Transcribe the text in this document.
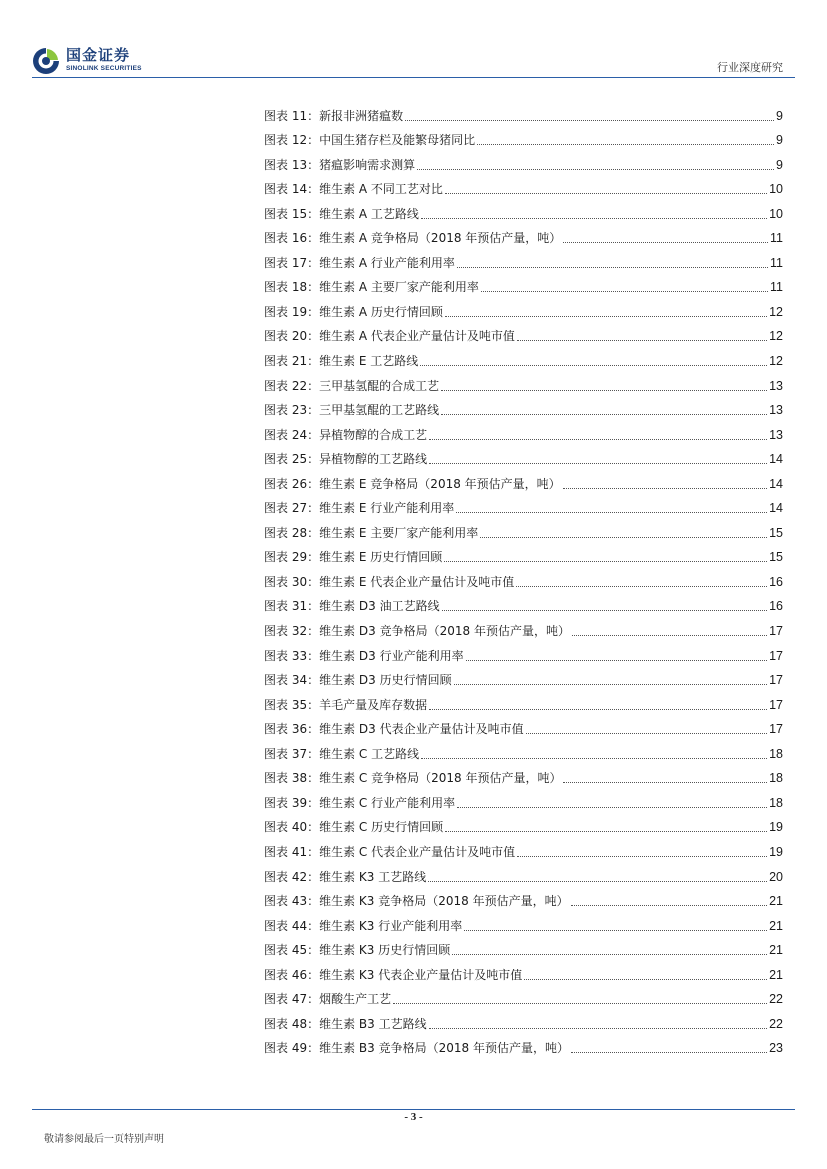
国金证券
SINOLINK SECURITIES	行业深度研究
图表 11： 新报非洲猪瘟数	9
图表 12： 中国生猪存栏及能繁母猪同比	9
图表 13： 猪瘟影响需求测算	9
图表 14： 维生素 A 不同工艺对比	10
图表 15： 维生素 A 工艺路线	10
图表 16： 维生素 A 竞争格局（2018 年预估产量，吨）	11
图表 17： 维生素 A 行业产能利用率	11
图表 18： 维生素 A 主要厂家产能利用率	11
图表 19： 维生素 A 历史行情回顾	12
图表 20： 维生素 A 代表企业产量估计及吨市值	12
图表 21： 维生素 E 工艺路线	12
图表 22： 三甲基氢醌的合成工艺	13
图表 23： 三甲基氢醌的工艺路线	13
图表 24： 异植物醇的合成工艺	13
图表 25： 异植物醇的工艺路线	14
图表 26： 维生素 E 竞争格局（2018 年预估产量，吨）	14
图表 27： 维生素 E 行业产能利用率	14
图表 28： 维生素 E 主要厂家产能利用率	15
图表 29： 维生素 E 历史行情回顾	15
图表 30： 维生素 E 代表企业产量估计及吨市值	16
图表 31： 维生素 D3 油工艺路线	16
图表 32： 维生素 D3 竞争格局（2018 年预估产量，吨）	17
图表 33： 维生素 D3 行业产能利用率	17
图表 34： 维生素 D3 历史行情回顾	17
图表 35： 羊毛产量及库存数据	17
图表 36： 维生素 D3 代表企业产量估计及吨市值	17
图表 37： 维生素 C 工艺路线	18
图表 38： 维生素 C 竞争格局（2018 年预估产量，吨）	18
图表 39： 维生素 C 行业产能利用率	18
图表 40： 维生素 C 历史行情回顾	19
图表 41： 维生素 C 代表企业产量估计及吨市值	19
图表 42： 维生素 K3 工艺路线	20
图表 43： 维生素 K3 竞争格局（2018 年预估产量，吨）	21
图表 44： 维生素 K3 行业产能利用率	21
图表 45： 维生素 K3 历史行情回顾	21
图表 46： 维生素 K3 代表企业产量估计及吨市值	21
图表 47： 烟酸生产工艺	22
图表 48： 维生素 B3 工艺路线	22
图表 49： 维生素 B3 竞争格局（2018 年预估产量，吨）	23
- 3 -
敬请参阅最后一页特别声明
